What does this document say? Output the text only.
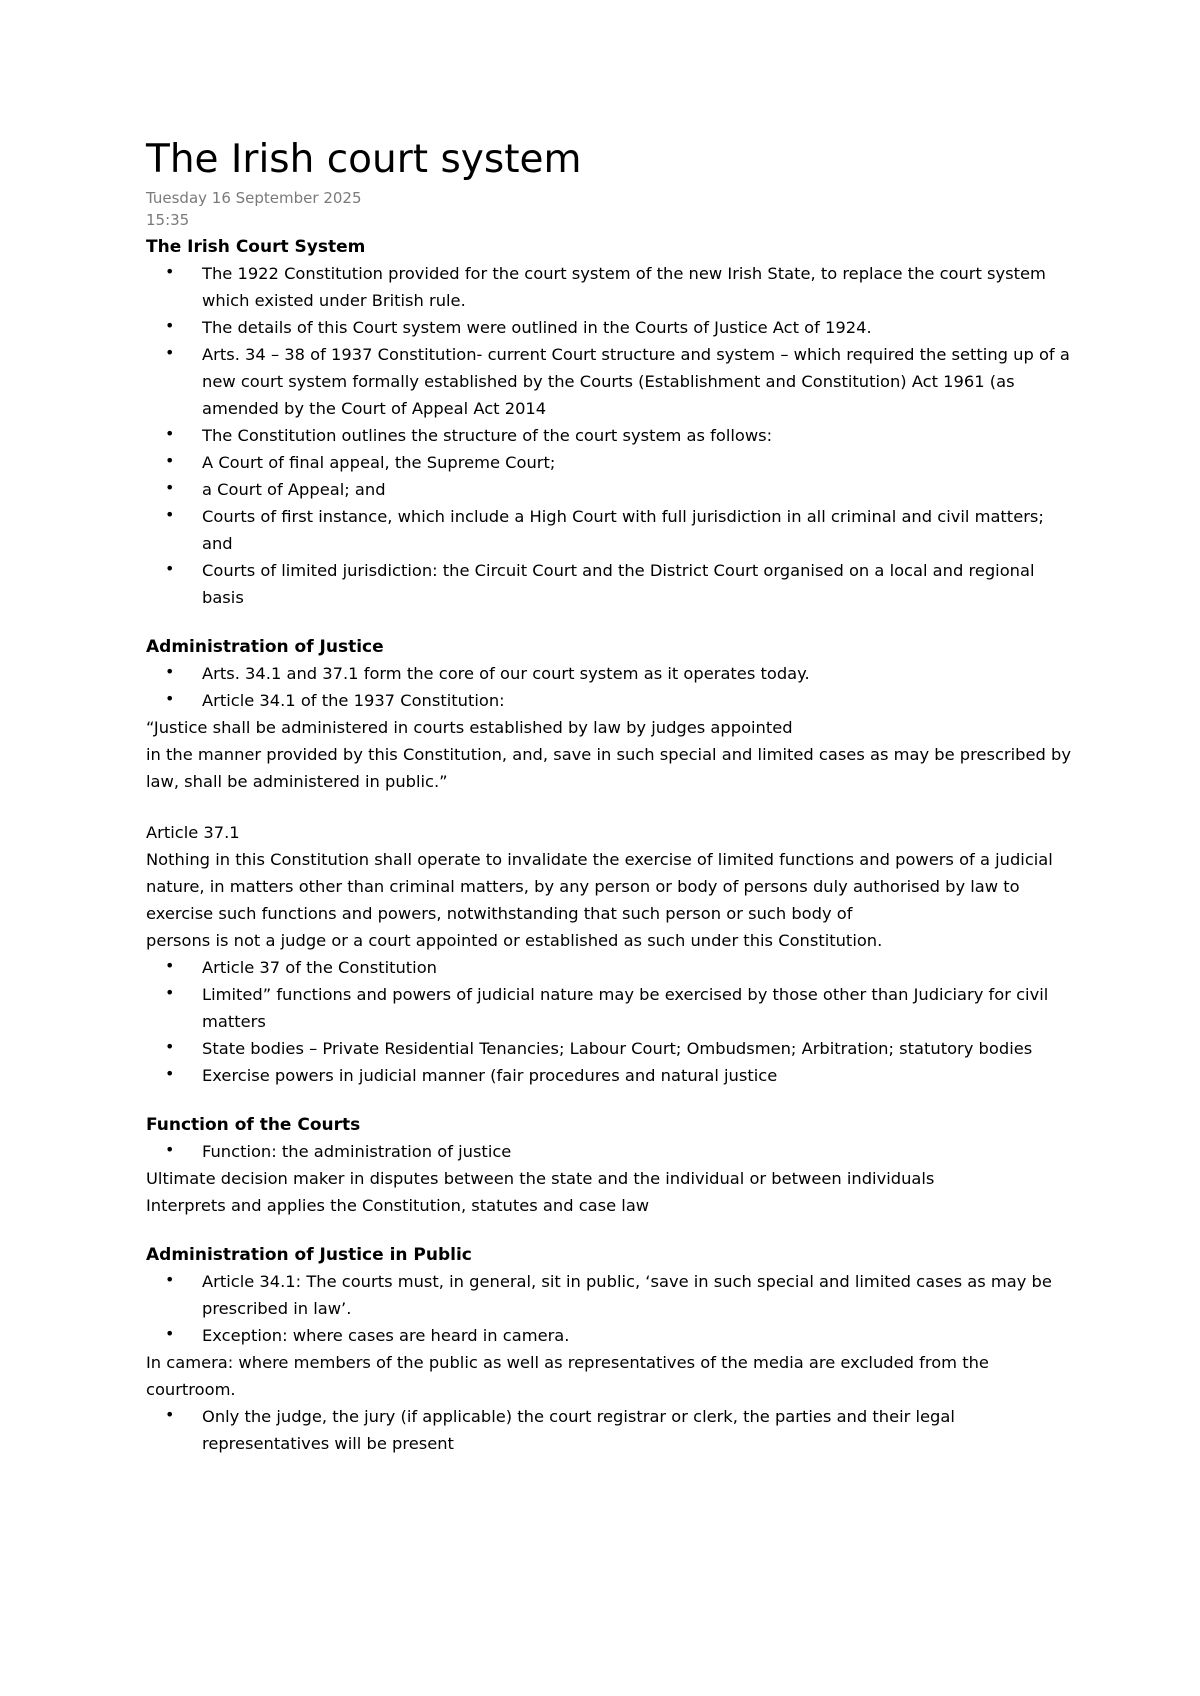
The Irish court system
Tuesday 16 September 2025
15:35
The Irish Court System
• The 1922 Constitution provided for the court system of the new Irish State, to replace the court system which existed under British rule.
• The details of this Court system were outlined in the Courts of Justice Act of 1924.
• Arts. 34 – 38 of 1937 Constitution- current Court structure and system – which required the setting up of a new court system formally established by the Courts (Establishment and Constitution) Act 1961 (as amended by the Court of Appeal Act 2014
• The Constitution outlines the structure of the court system as follows:
• A Court of final appeal, the Supreme Court;
• a Court of Appeal; and
• Courts of first instance, which include a High Court with full jurisdiction in all criminal and civil matters; and
• Courts of limited jurisdiction: the Circuit Court and the District Court organised on a local and regional basis
Administration of Justice
• Arts. 34.1 and 37.1 form the core of our court system as it operates today.
• Article 34.1 of the 1937 Constitution:

“Justice shall be administered in courts established by law by judges appointed

in the manner provided by this Constitution, and, save in such special and limited cases as may be prescribed by law, shall be administered in public.”

Article 37.1

Nothing in this Constitution shall operate to invalidate the exercise of limited functions and powers of a judicial nature, in matters other than criminal matters, by any person or body of persons duly authorised by law to exercise such functions and powers, notwithstanding that such person or such body of

persons is not a judge or a court appointed or established as such under this Constitution.

• Article 37 of the Constitution
• Limited” functions and powers of judicial nature may be exercised by those other than Judiciary for civil matters
• State bodies – Private Residential Tenancies; Labour Court; Ombudsmen; Arbitration; statutory bodies
• Exercise powers in judicial manner (fair procedures and natural justice
Function of the Courts
• Function: the administration of justice

Ultimate decision maker in disputes between the state and the individual or between individuals

Interprets and applies the Constitution, statutes and case law

Administration of Justice in Public
• Article 34.1: The courts must, in general, sit in public, ‘save in such special and limited cases as may be prescribed in law’.
• Exception: where cases are heard in camera.

In camera: where members of the public as well as representatives of the media are excluded from the courtroom.

• Only the judge, the jury (if applicable) the court registrar or clerk, the parties and their legal representatives will be present
